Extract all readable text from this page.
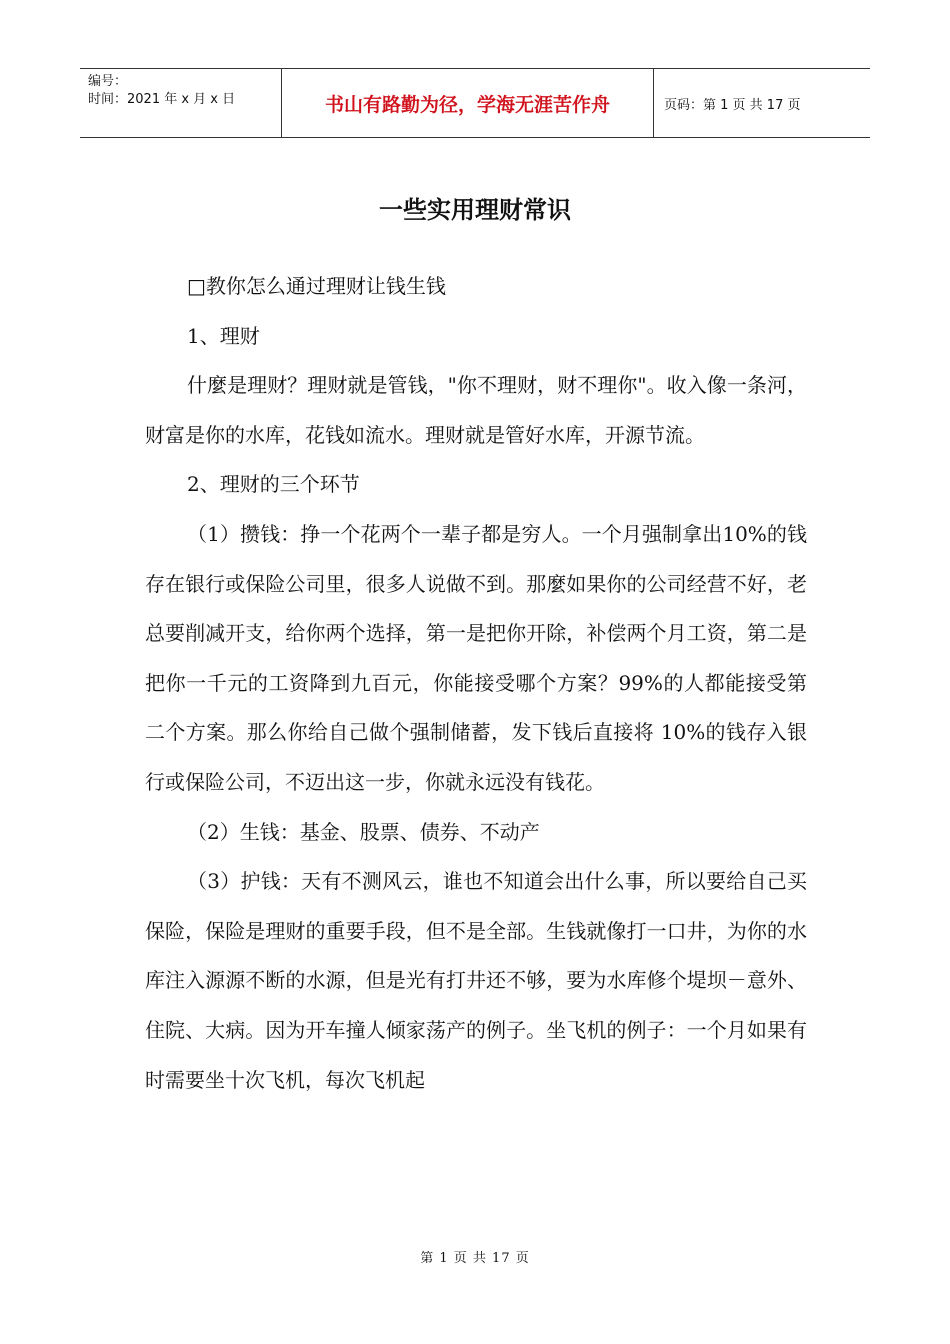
编号：
时间：2021 年 x 月 x 日	书山有路勤为径，学海无涯苦作舟	页码：第 1 页 共 17 页
一些实用理财常识

□教你怎么通过理财让钱生钱

1、理财

什麼是理财？理财就是管钱，"你不理财，财不理你"。收入像一条河，财富是你的水库，花钱如流水。理财就是管好水库，开源节流。

2、理财的三个环节

（1）攒钱：挣一个花两个一辈子都是穷人。一个月强制拿出10%的钱存在银行或保险公司里，很多人说做不到。那麼如果你的公司经营不好，老总要削减开支，给你两个选择，第一是把你开除，补偿两个月工资，第二是把你一千元的工资降到九百元，你能接受哪个方案？99%的人都能接受第二个方案。那么你给自己做个强制储蓄，发下钱后直接将 10%的钱存入银行或保险公司，不迈出这一步，你就永远没有钱花。

（2）生钱：基金、股票、债券、不动产

（3）护钱：天有不测风云，谁也不知道会出什么事，所以要给自己买保险，保险是理财的重要手段，但不是全部。生钱就像打一口井，为你的水库注入源源不断的水源，但是光有打井还不够，要为水库修个堤坝－意外、住院、大病。因为开车撞人倾家荡产的例子。坐飞机的例子：一个月如果有时需要坐十次飞机，每次飞机起

第 1 页 共 17 页
